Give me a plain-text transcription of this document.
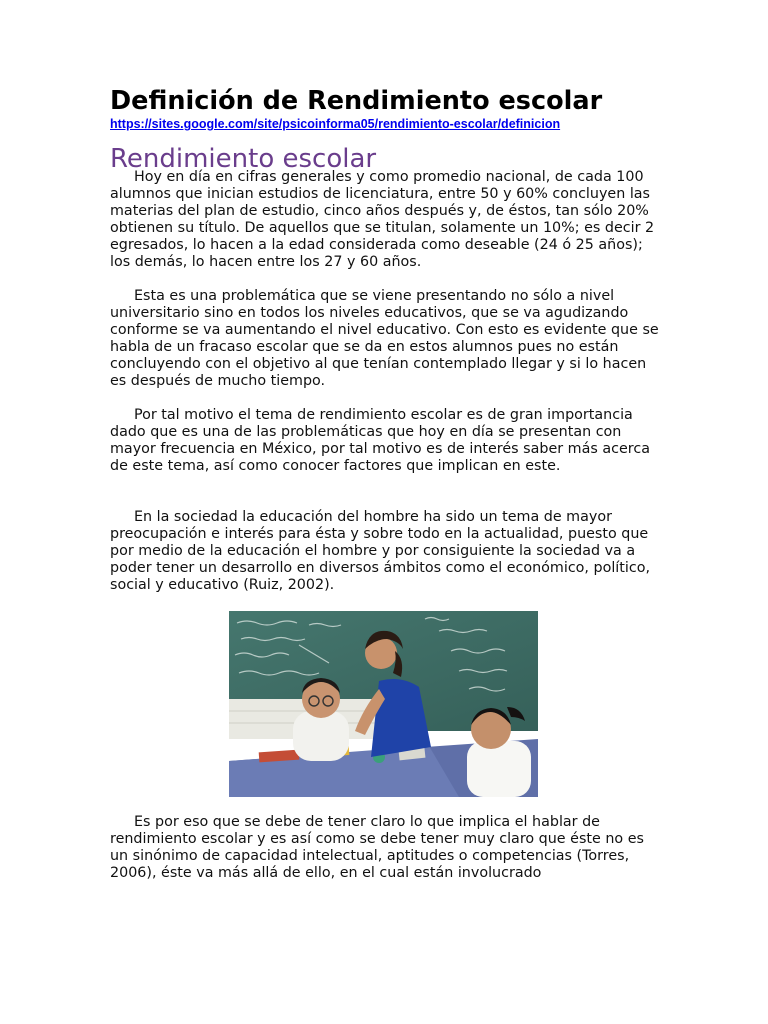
Definición de Rendimiento escolar
https://sites.google.com/site/psicoinforma05/rendimiento-escolar/definicion
Rendimiento escolar

Hoy en día en cifras generales y como promedio nacional, de cada 100 alumnos que inician estudios de licenciatura, entre 50 y 60% concluyen las materias del plan de estudio, cinco años después y, de éstos, tan sólo 20% obtienen su título. De aquellos que se titulan, solamente un 10%; es decir 2 egresados, lo hacen a la edad considerada como deseable (24 ó 25 años); los demás, lo hacen entre los 27 y 60 años.

Esta es una problemática que se viene presentando no sólo a nivel universitario sino en todos los niveles educativos, que se va agudizando conforme se va aumentando el nivel educativo. Con esto es evidente que se habla de un fracaso escolar que se da en estos alumnos pues no están concluyendo con el objetivo al que tenían contemplado llegar y si lo hacen es después de mucho tiempo.

Por tal motivo el tema de rendimiento escolar es de gran importancia dado que es una de las problemáticas que hoy en día se presentan con mayor frecuencia en México, por tal motivo es de interés saber más acerca de este tema, así como conocer factores que implican en este.

En la sociedad la educación del hombre ha sido un tema de mayor preocupación e interés para ésta y sobre todo en la actualidad, puesto que por medio de la educación el hombre y por consiguiente la sociedad va a poder tener un desarrollo en diversos ámbitos como el económico, político, social y educativo (Ruiz, 2002).

Es por eso que se debe de tener claro lo que implica el hablar de rendimiento escolar y es así como se debe tener muy claro que éste no es un sinónimo de capacidad intelectual, aptitudes o competencias (Torres, 2006), éste va más allá de ello, en el cual están involucrado
